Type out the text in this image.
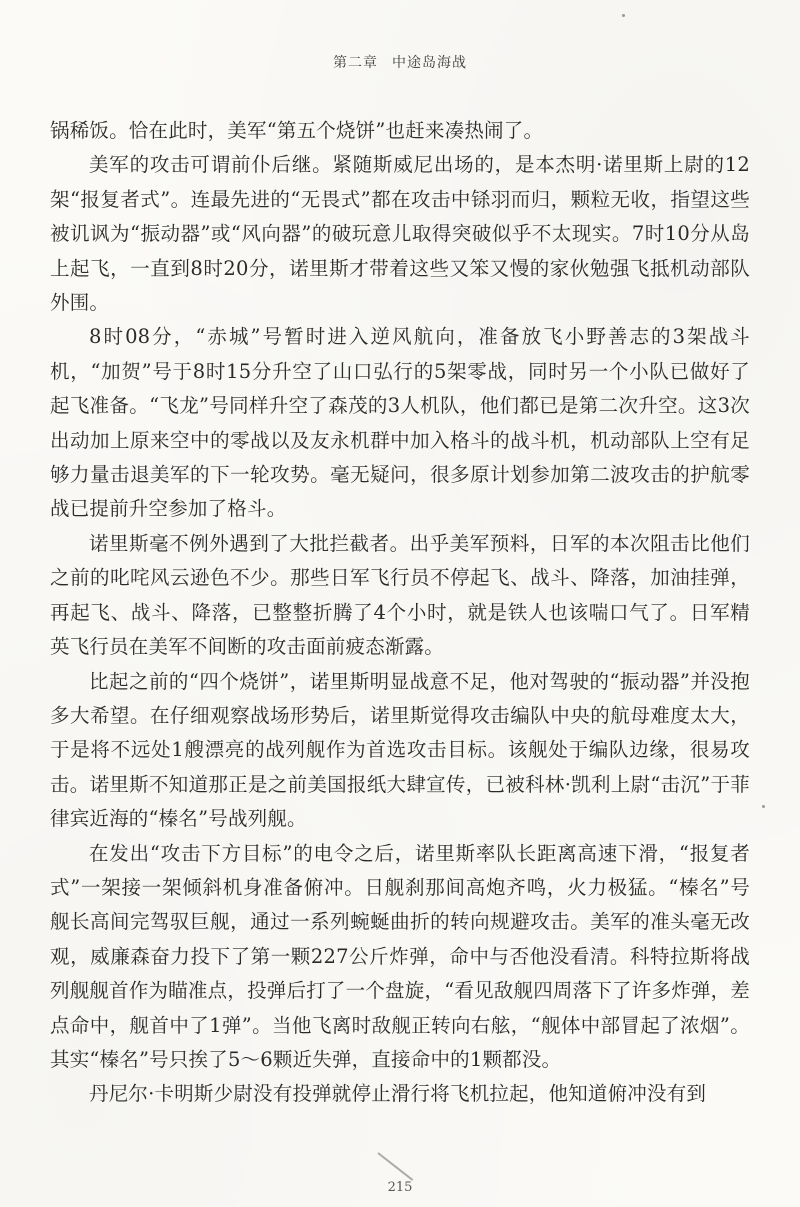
第二章 中途岛海战

锅稀饭。恰在此时，美军“第五个烧饼”也赶来凑热闹了。

美军的攻击可谓前仆后继。紧随斯威尼出场的，是本杰明·诺里斯上尉的12架“报复者式”。连最先进的“无畏式”都在攻击中铩羽而归，颗粒无收，指望这些被讥讽为“振动器”或“风向器”的破玩意儿取得突破似乎不太现实。7时10分从岛上起飞，一直到8时20分，诺里斯才带着这些又笨又慢的家伙勉强飞抵机动部队外围。

8时08分，“赤城”号暂时进入逆风航向，准备放飞小野善志的3架战斗机，“加贺”号于8时15分升空了山口弘行的5架零战，同时另一个小队已做好了起飞准备。“飞龙”号同样升空了森茂的3人机队，他们都已是第二次升空。这3次出动加上原来空中的零战以及友永机群中加入格斗的战斗机，机动部队上空有足够力量击退美军的下一轮攻势。毫无疑问，很多原计划参加第二波攻击的护航零战已提前升空参加了格斗。

诺里斯毫不例外遇到了大批拦截者。出乎美军预料，日军的本次阻击比他们之前的叱咤风云逊色不少。那些日军飞行员不停起飞、战斗、降落，加油挂弹，再起飞、战斗、降落，已整整折腾了4个小时，就是铁人也该喘口气了。日军精英飞行员在美军不间断的攻击面前疲态渐露。

比起之前的“四个烧饼”，诺里斯明显战意不足，他对驾驶的“振动器”并没抱多大希望。在仔细观察战场形势后，诺里斯觉得攻击编队中央的航母难度太大，于是将不远处1艘漂亮的战列舰作为首选攻击目标。该舰处于编队边缘，很易攻击。诺里斯不知道那正是之前美国报纸大肆宣传，已被科林·凯利上尉“击沉”于菲律宾近海的“榛名”号战列舰。

在发出“攻击下方目标”的电令之后，诺里斯率队长距离高速下滑，“报复者式”一架接一架倾斜机身准备俯冲。日舰刹那间高炮齐鸣，火力极猛。“榛名”号舰长高间完驾驭巨舰，通过一系列蜿蜒曲折的转向规避攻击。美军的准头毫无改观，威廉森奋力投下了第一颗227公斤炸弹，命中与否他没看清。科特拉斯将战列舰舰首作为瞄准点，投弹后打了一个盘旋，“看见敌舰四周落下了许多炸弹，差点命中，舰首中了1弹”。当他飞离时敌舰正转向右舷，“舰体中部冒起了浓烟”。其实“榛名”号只挨了5～6颗近失弹，直接命中的1颗都没。

丹尼尔·卡明斯少尉没有投弹就停止滑行将飞机拉起，他知道俯冲没有到

215
